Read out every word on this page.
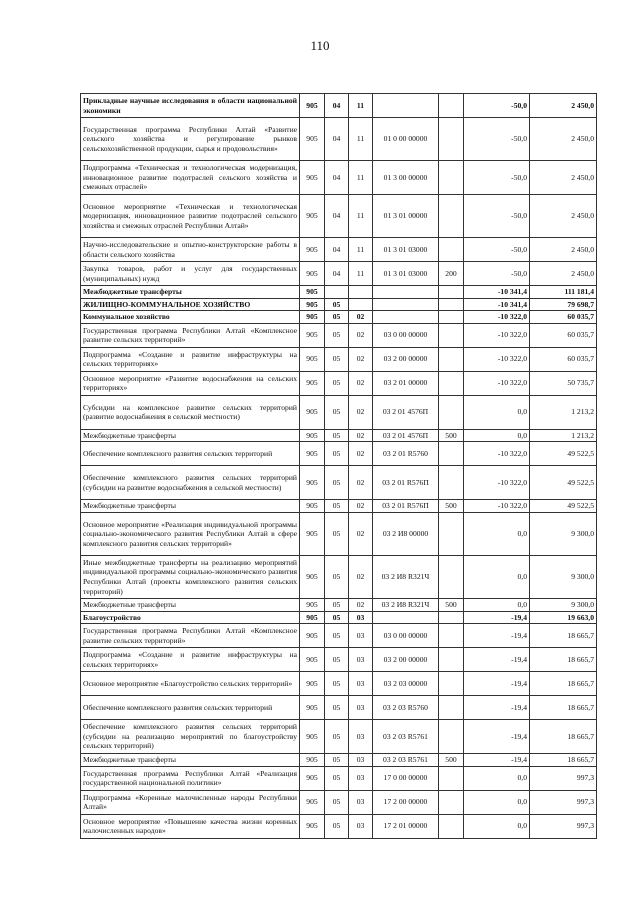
110
Прикладные научные исследования в области национальной экономики	905	04	11			-50,0	2 450,0
Государственная программа Республики Алтай «Развитие сельского хозяйства и регулирование рынков сельскохозяйственной продукции, сырья и продовольствия»	905	04	11	01 0 00 00000		-50,0	2 450,0
Подпрограмма «Техническая и технологическая модернизация, инновационное развитие подотраслей сельского хозяйства и смежных отраслей»	905	04	11	01 3 00 00000		-50,0	2 450,0
Основное мероприятие «Техническая и технологическая модернизация, инновационное развитие подотраслей сельского хозяйства и смежных отраслей Республики Алтай»	905	04	11	01 3 01 00000		-50,0	2 450,0
Научно-исследовательские и опытно-конструкторские работы в области сельского хозяйства	905	04	11	01 3 01 03000		-50,0	2 450,0
Закупка товаров, работ и услуг для государственных (муниципальных) нужд	905	04	11	01 3 01 03000	200	-50,0	2 450,0
Межбюджетные трансферты	905					-10 341,4	111 181,4
ЖИЛИЩНО-КОММУНАЛЬНОЕ ХОЗЯЙСТВО	905	05				-10 341,4	79 698,7
Коммунальное хозяйство	905	05	02			-10 322,0	60 035,7
Государственная программа Республики Алтай «Комплексное развитие сельских территорий»	905	05	02	03 0 00 00000		-10 322,0	60 035,7
Подпрограмма «Создание и развитие инфраструктуры на сельских территориях»	905	05	02	03 2 00 00000		-10 322,0	60 035,7
Основное мероприятие «Развитие водоснабжения на сельских территориях»	905	05	02	03 2 01 00000		-10 322,0	50 735,7
Субсидии на комплексное развитие сельских территорий (развитие водоснабжения в сельской местности)	905	05	02	03 2 01 4576П		0,0	1 213,2
Межбюджетные трансферты	905	05	02	03 2 01 4576П	500	0,0	1 213,2
Обеспечение комплексного развития сельских территорий	905	05	02	03 2 01 R5760		-10 322,0	49 522,5
Обеспечение комплексного развития сельских территорий (субсидии на развитие водоснабжения в сельской местности)	905	05	02	03 2 01 R576П		-10 322,0	49 522,5
Межбюджетные трансферты	905	05	02	03 2 01 R576П	500	-10 322,0	49 522,5
Основное мероприятие «Реализация индивидуальной программы социально-экономического развития Республики Алтай в сфере комплексного развития сельских территорий»	905	05	02	03 2 И8 00000		0,0	9 300,0
Иные межбюджетные трансферты на реализацию мероприятий индивидуальной программы социально-экономического развития Республики Алтай (проекты комплексного развития сельских территорий)	905	05	02	03 2 И8 R321Ч		0,0	9 300,0
Межбюджетные трансферты	905	05	02	03 2 И8 R321Ч	500	0,0	9 300,0
Благоустройство	905	05	03			-19,4	19 663,0
Государственная программа Республики Алтай «Комплексное развитие сельских территорий»	905	05	03	03 0 00 00000		-19,4	18 665,7
Подпрограмма «Создание и развитие инфраструктуры на сельских территориях»	905	05	03	03 2 00 00000		-19,4	18 665,7
Основное мероприятие «Благоустройство сельских территорий»	905	05	03	03 2 03 00000		-19,4	18 665,7
Обеспечение комплексного развития сельских территорий	905	05	03	03 2 03 R5760		-19,4	18 665,7
Обеспечение комплексного развития сельских территорий (субсидии на реализацию мероприятий по благоустройству сельских территорий)	905	05	03	03 2 03 R5761		-19,4	18 665,7
Межбюджетные трансферты	905	05	03	03 2 03 R5761	500	-19,4	18 665,7
Государственная программа Республики Алтай «Реализация государственной национальной политики»	905	05	03	17 0 00 00000		0,0	997,3
Подпрограмма «Коренные малочисленные народы Республики Алтай»	905	05	03	17 2 00 00000		0,0	997,3
Основное мероприятие «Повышение качества жизни коренных малочисленных народов»	905	05	03	17 2 01 00000		0,0	997,3
